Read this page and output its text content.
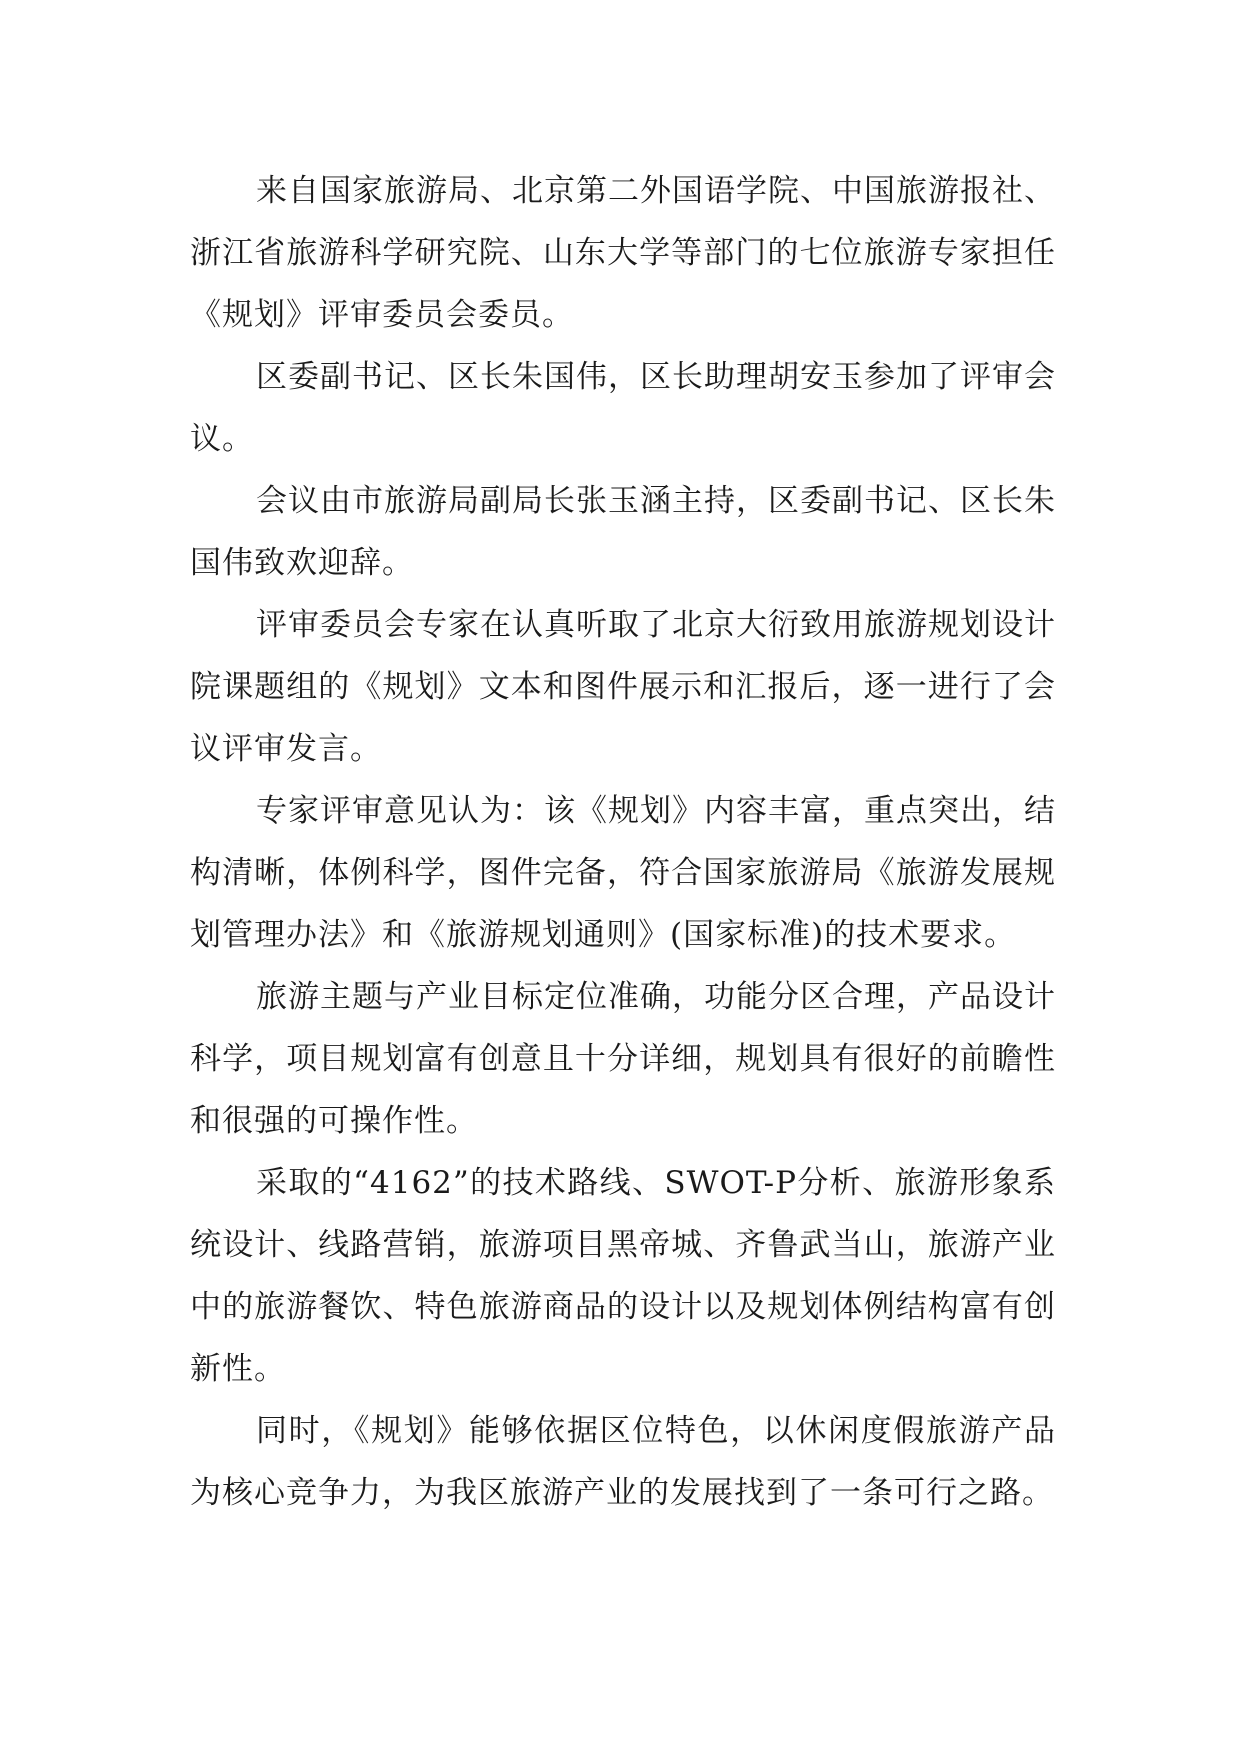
来自国家旅游局、北京第二外国语学院、中国旅游报社、浙江省旅游科学研究院、山东大学等部门的七位旅游专家担任《规划》评审委员会委员。

区委副书记、区长朱国伟，区长助理胡安玉参加了评审会议。

会议由市旅游局副局长张玉涵主持，区委副书记、区长朱国伟致欢迎辞。

评审委员会专家在认真听取了北京大衍致用旅游规划设计院课题组的《规划》文本和图件展示和汇报后，逐一进行了会议评审发言。

专家评审意见认为：该《规划》内容丰富，重点突出，结构清晰，体例科学，图件完备，符合国家旅游局《旅游发展规划管理办法》和《旅游规划通则》(国家标准)的技术要求。

旅游主题与产业目标定位准确，功能分区合理，产品设计科学，项目规划富有创意且十分详细，规划具有很好的前瞻性和很强的可操作性。

采取的“4162”的技术路线、SWOT-P分析、旅游形象系统设计、线路营销，旅游项目黑帝城、齐鲁武当山，旅游产业中的旅游餐饮、特色旅游商品的设计以及规划体例结构富有创新性。

同时，《规划》能够依据区位特色，以休闲度假旅游产品为核心竞争力，为我区旅游产业的发展找到了一条可行之路。
